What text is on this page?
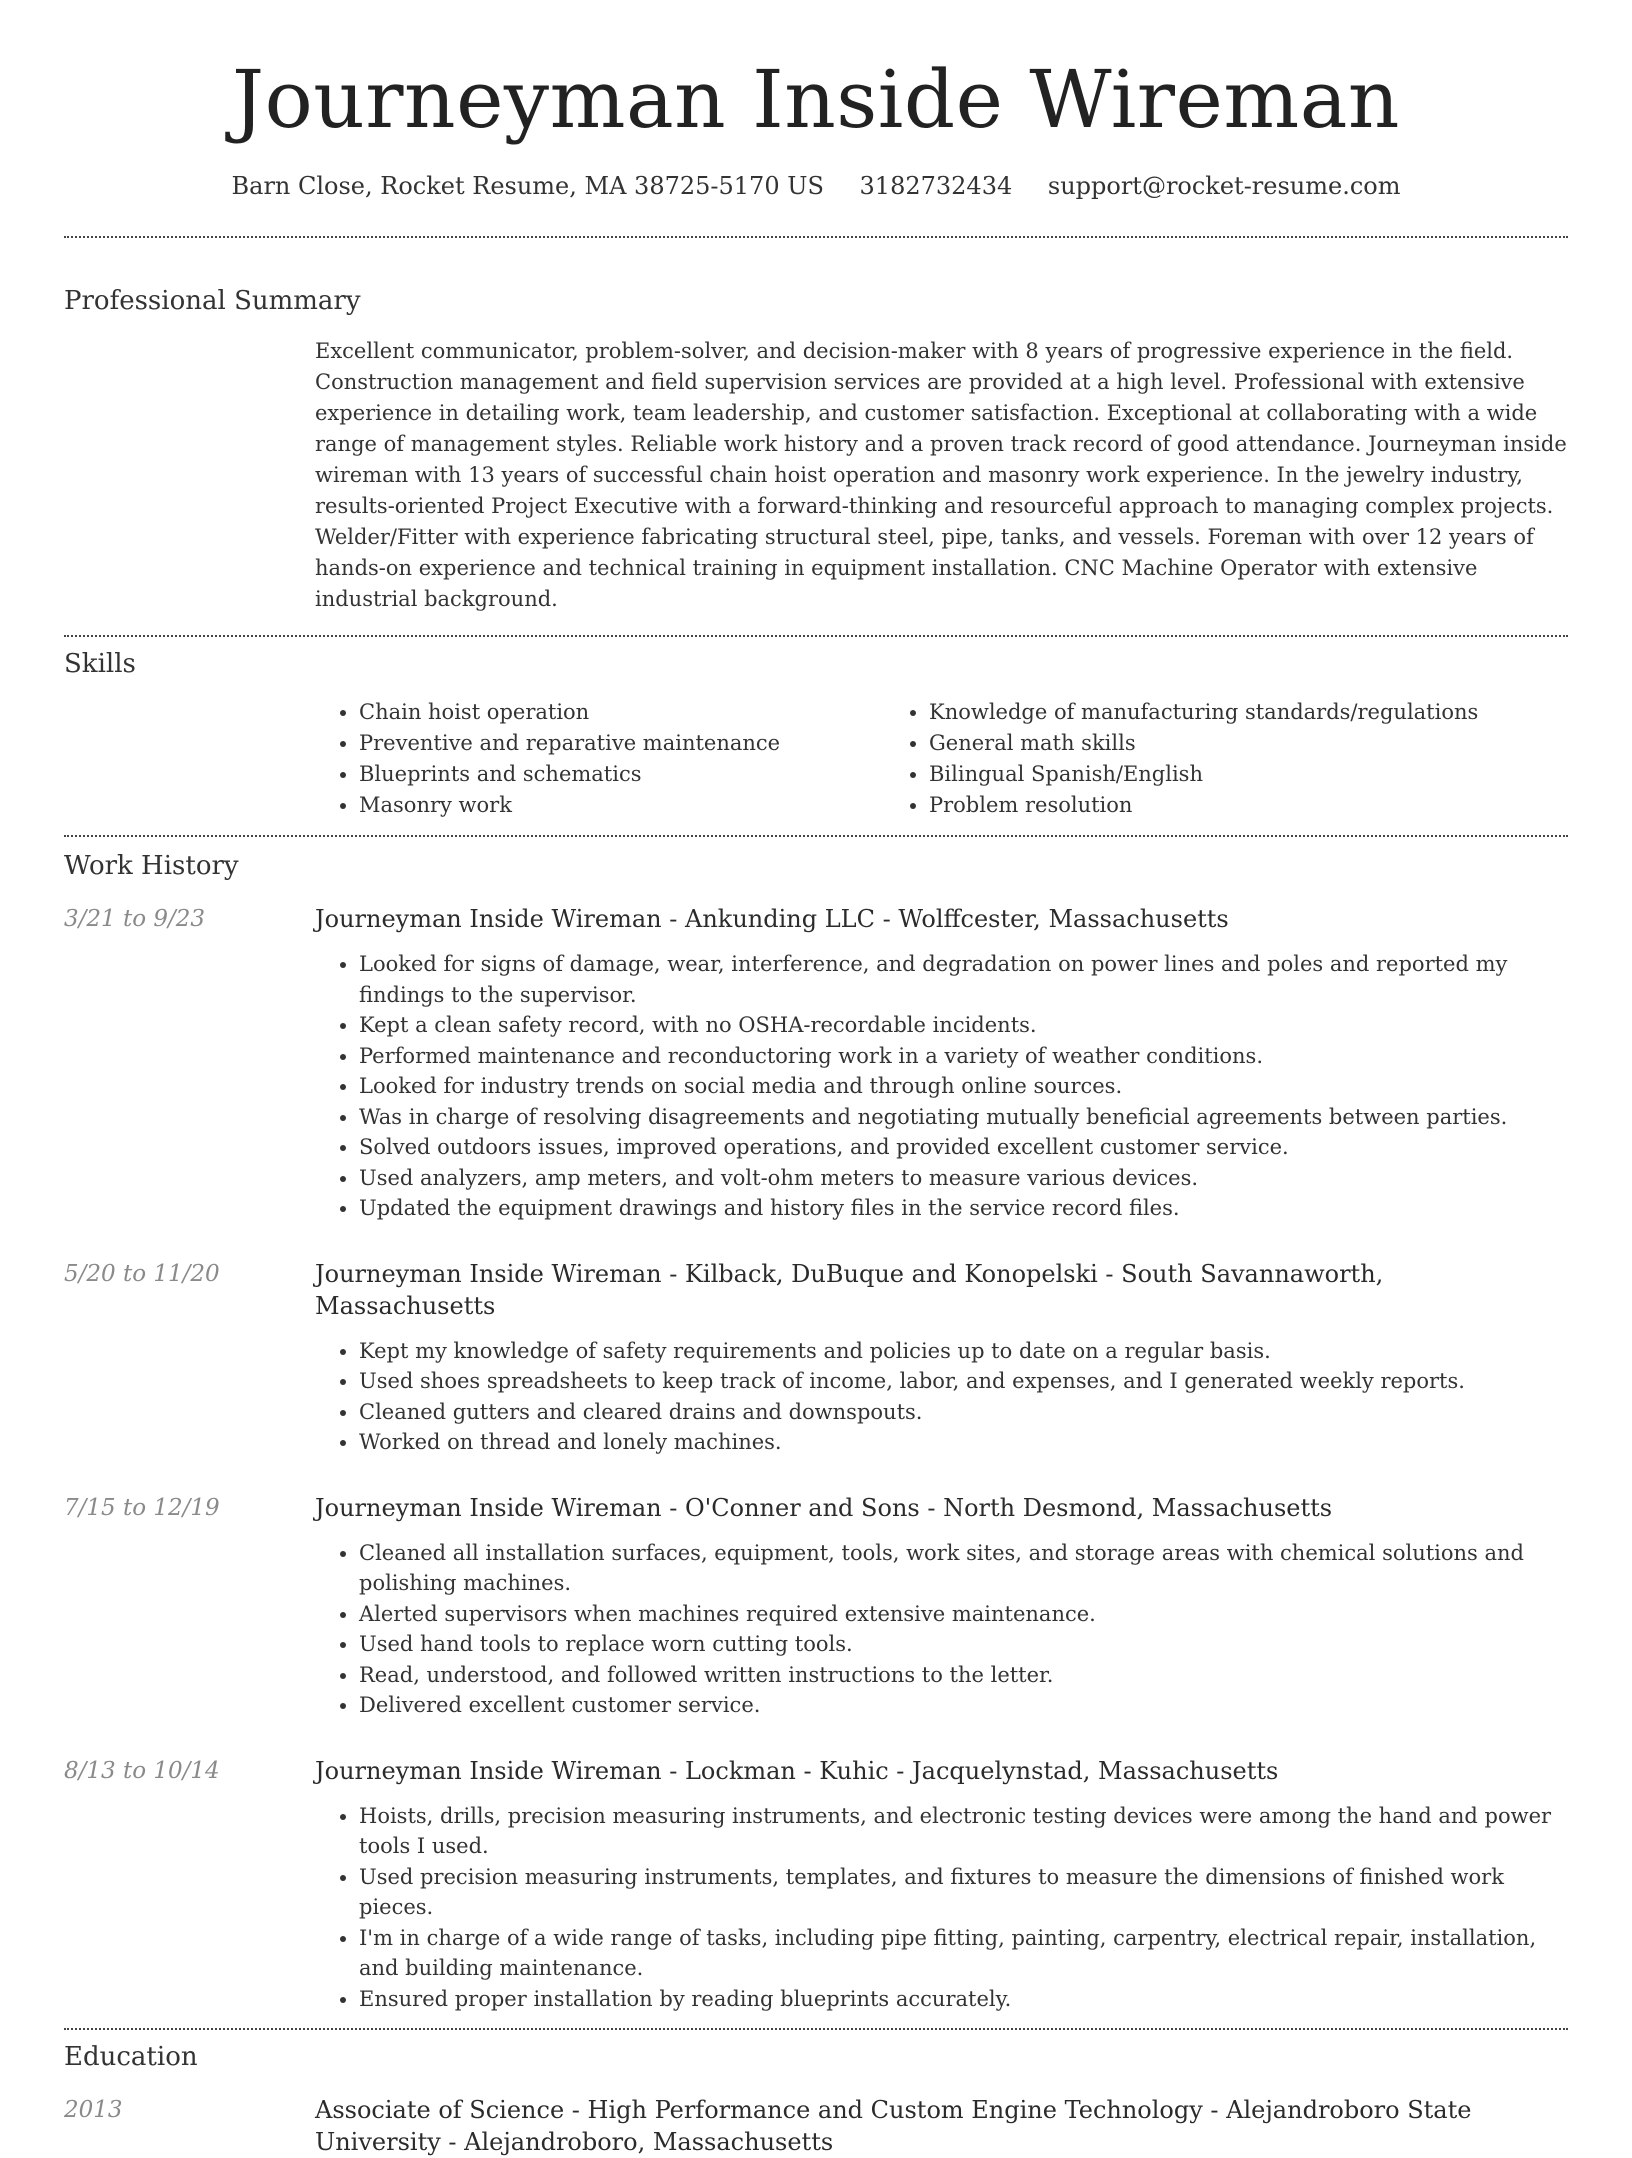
Journeyman Inside Wireman
Barn Close, Rocket Resume, MA 38725-5170 US 3182732434 support@rocket-resume.com
Professional Summary
Excellent communicator, problem-solver, and decision-maker with 8 years of progressive experience in the field. Construction management and field supervision services are provided at a high level. Professional with extensive experience in detailing work, team leadership, and customer satisfaction. Exceptional at collaborating with a wide range of management styles. Reliable work history and a proven track record of good attendance. Journeyman inside wireman with 13 years of successful chain hoist operation and masonry work experience. In the jewelry industry, results-oriented Project Executive with a forward-thinking and resourceful approach to managing complex projects. Welder/Fitter with experience fabricating structural steel, pipe, tanks, and vessels. Foreman with over 12 years of hands-on experience and technical training in equipment installation. CNC Machine Operator with extensive industrial background.
Skills
• Chain hoist operation
• Preventive and reparative maintenance
• Blueprints and schematics
• Masonry work
• Knowledge of manufacturing standards/regulations
• General math skills
• Bilingual Spanish/English
• Problem resolution
Work History
3/21 to 9/23	Journeyman Inside Wireman - Ankunding LLC - Wolffcester, Massachusetts
• Looked for signs of damage, wear, interference, and degradation on power lines and poles and reported my findings to the supervisor.
• Kept a clean safety record, with no OSHA-recordable incidents.
• Performed maintenance and reconductoring work in a variety of weather conditions.
• Looked for industry trends on social media and through online sources.
• Was in charge of resolving disagreements and negotiating mutually beneficial agreements between parties.
• Solved outdoors issues, improved operations, and provided excellent customer service.
• Used analyzers, amp meters, and volt-ohm meters to measure various devices.
• Updated the equipment drawings and history files in the service record files.
5/20 to 11/20	Journeyman Inside Wireman - Kilback, DuBuque and Konopelski - South Savannaworth, Massachusetts
• Kept my knowledge of safety requirements and policies up to date on a regular basis.
• Used shoes spreadsheets to keep track of income, labor, and expenses, and I generated weekly reports.
• Cleaned gutters and cleared drains and downspouts.
• Worked on thread and lonely machines.
7/15 to 12/19	Journeyman Inside Wireman - O'Conner and Sons - North Desmond, Massachusetts
• Cleaned all installation surfaces, equipment, tools, work sites, and storage areas with chemical solutions and polishing machines.
• Alerted supervisors when machines required extensive maintenance.
• Used hand tools to replace worn cutting tools.
• Read, understood, and followed written instructions to the letter.
• Delivered excellent customer service.
8/13 to 10/14	Journeyman Inside Wireman - Lockman - Kuhic - Jacquelynstad, Massachusetts
• Hoists, drills, precision measuring instruments, and electronic testing devices were among the hand and power tools I used.
• Used precision measuring instruments, templates, and fixtures to measure the dimensions of finished work pieces.
• I'm in charge of a wide range of tasks, including pipe fitting, painting, carpentry, electrical repair, installation, and building maintenance.
• Ensured proper installation by reading blueprints accurately.
Education
2013	Associate of Science - High Performance and Custom Engine Technology - Alejandroboro State University - Alejandroboro, Massachusetts
